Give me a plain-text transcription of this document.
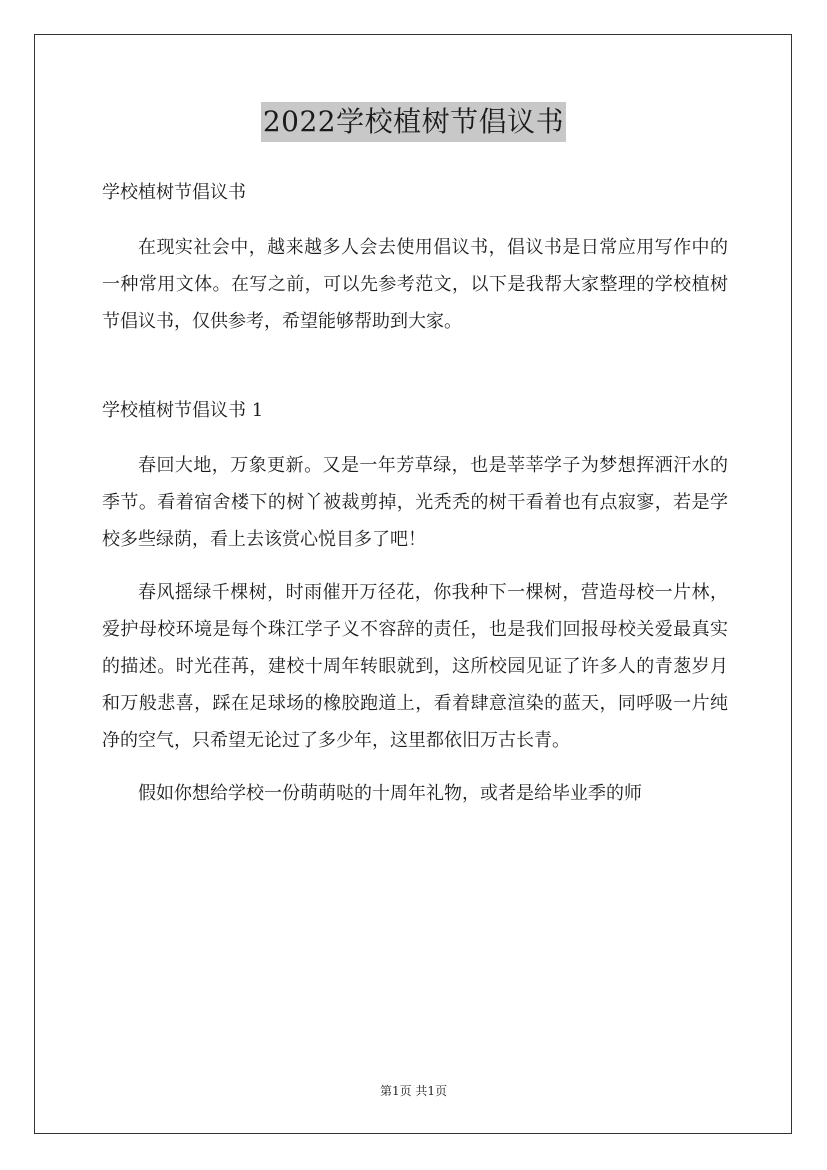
2022学校植树节倡议书

学校植树节倡议书

在现实社会中，越来越多人会去使用倡议书，倡议书是日常应用写作中的一种常用文体。在写之前，可以先参考范文，以下是我帮大家整理的学校植树节倡议书，仅供参考，希望能够帮助到大家。

学校植树节倡议书 1

春回大地，万象更新。又是一年芳草绿，也是莘莘学子为梦想挥洒汗水的季节。看着宿舍楼下的树丫被裁剪掉，光秃秃的树干看着也有点寂寥，若是学校多些绿荫，看上去该赏心悦目多了吧！

春风摇绿千棵树，时雨催开万径花，你我种下一棵树，营造母校一片林，爱护母校环境是每个珠江学子义不容辞的责任，也是我们回报母校关爱最真实的描述。时光荏苒，建校十周年转眼就到，这所校园见证了许多人的青葱岁月和万般悲喜，踩在足球场的橡胶跑道上，看着肆意渲染的蓝天，同呼吸一片纯净的空气，只希望无论过了多少年，这里都依旧万古长青。

假如你想给学校一份萌萌哒的十周年礼物，或者是给毕业季的师

第1页 共1页
